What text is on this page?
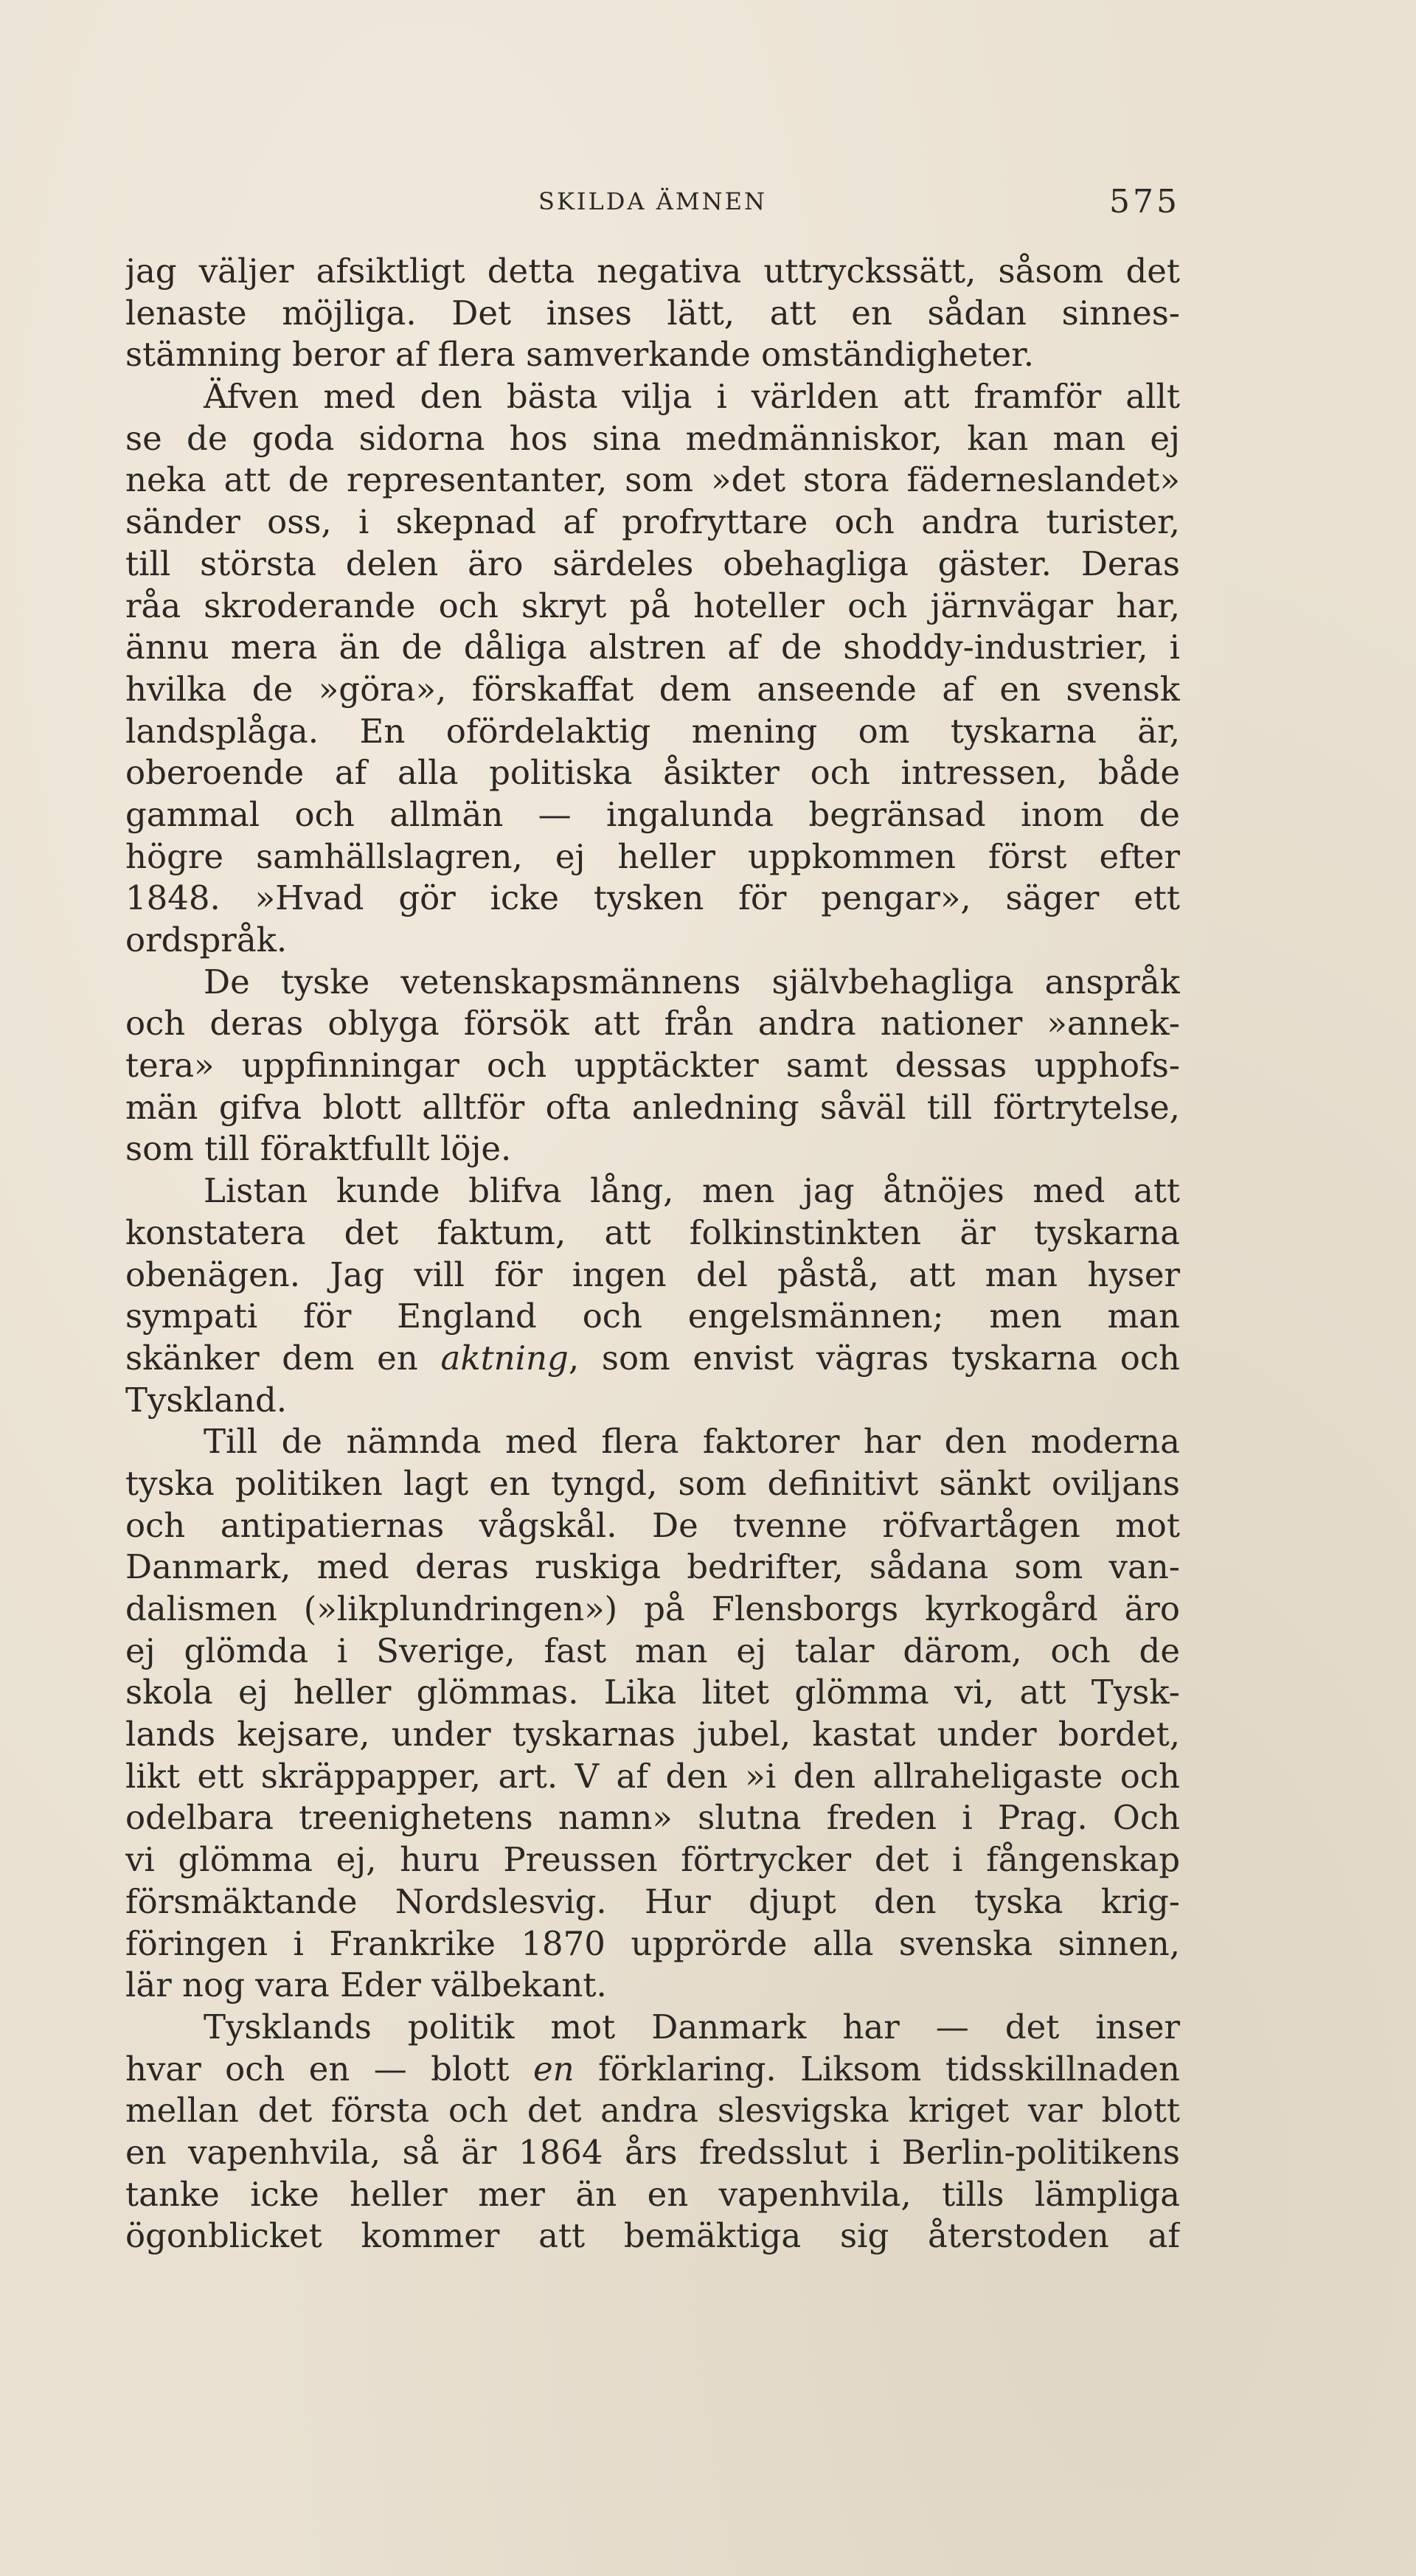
SKILDA ÄMNEN	575
jag väljer afsiktligt detta negativa uttryckssätt, såsom det
lenaste möjliga. Det inses lätt, att en sådan sinnes-
stämning beror af flera samverkande omständigheter.
Äfven med den bästa vilja i världen att framför allt
se de goda sidorna hos sina medmänniskor, kan man ej
neka att de representanter, som »det stora fäderneslandet»
sänder oss, i skepnad af profryttare och andra turister,
till största delen äro särdeles obehagliga gäster. Deras
råa skroderande och skryt på hoteller och järnvägar har,
ännu mera än de dåliga alstren af de shoddy-industrier, i
hvilka de »göra», förskaffat dem anseende af en svensk
landsplåga. En ofördelaktig mening om tyskarna är,
oberoende af alla politiska åsikter och intressen, både
gammal och allmän — ingalunda begränsad inom de
högre samhällslagren, ej heller uppkommen först efter
1848. »Hvad gör icke tysken för pengar», säger ett
ordspråk.
De tyske vetenskapsmännens självbehagliga anspråk
och deras oblyga försök att från andra nationer »annek-
tera» uppfinningar och upptäckter samt dessas upphofs-
män gifva blott alltför ofta anledning såväl till förtrytelse,
som till föraktfullt löje.
Listan kunde blifva lång, men jag åtnöjes med att
konstatera det faktum, att folkinstinkten är tyskarna
obenägen. Jag vill för ingen del påstå, att man hyser
sympati för England och engelsmännen; men man
skänker dem en aktning, som envist vägras tyskarna och
Tyskland.
Till de nämnda med flera faktorer har den moderna
tyska politiken lagt en tyngd, som definitivt sänkt oviljans
och antipatiernas vågskål. De tvenne röfvartågen mot
Danmark, med deras ruskiga bedrifter, sådana som van-
dalismen (»likplundringen») på Flensborgs kyrkogård äro
ej glömda i Sverige, fast man ej talar därom, och de
skola ej heller glömmas. Lika litet glömma vi, att Tysk-
lands kejsare, under tyskarnas jubel, kastat under bordet,
likt ett skräppapper, art. V af den »i den allraheligaste och
odelbara treenighetens namn» slutna freden i Prag. Och
vi glömma ej, huru Preussen förtrycker det i fångenskap
försmäktande Nordslesvig. Hur djupt den tyska krig-
föringen i Frankrike 1870 upprörde alla svenska sinnen,
lär nog vara Eder välbekant.
Tysklands politik mot Danmark har — det inser
hvar och en — blott en förklaring. Liksom tidsskillnaden
mellan det första och det andra slesvigska kriget var blott
en vapenhvila, så är 1864 års fredsslut i Berlin-politikens
tanke icke heller mer än en vapenhvila, tills lämpliga
ögonblicket kommer att bemäktiga sig återstoden af
